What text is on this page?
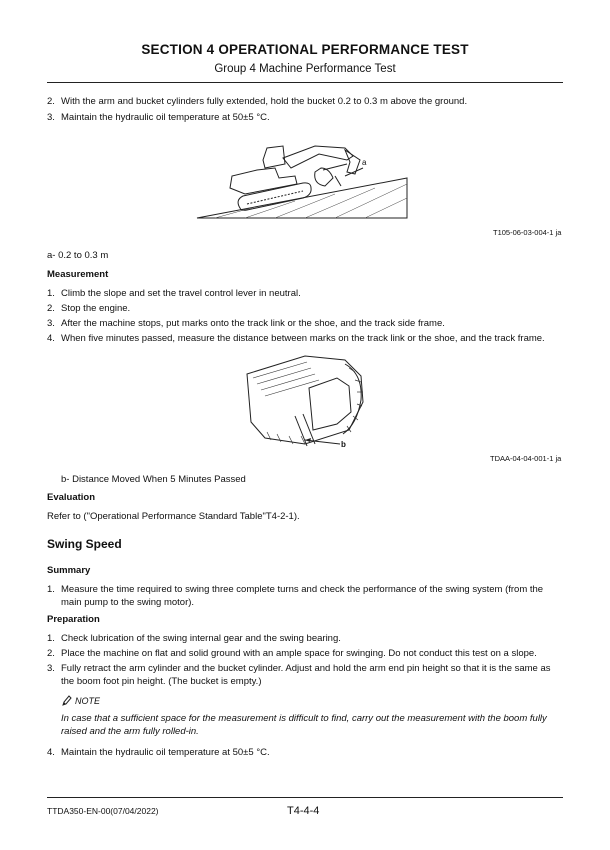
SECTION 4 OPERATIONAL PERFORMANCE TEST
Group 4 Machine Performance Test
2. With the arm and bucket cylinders fully extended, hold the bucket 0.2 to 0.3 m above the ground.
3. Maintain the hydraulic oil temperature at 50±5 °C.
a
T105-06-03-004-1 ja
a- 0.2 to 0.3 m
Measurement
1. Climb the slope and set the travel control lever in neutral.
2. Stop the engine.
3. After the machine stops, put marks onto the track link or the shoe, and the track side frame.
4. When five minutes passed, measure the distance between marks on the track link or the shoe, and the track frame.
b
TDAA-04-04-001-1 ja
b- Distance Moved When 5 Minutes Passed
Evaluation
Refer to ("Operational Performance Standard Table"T4-2-1).
Swing Speed
Summary
1. Measure the time required to swing three complete turns and check the performance of the swing system (from the
main pump to the swing motor).
Preparation
1. Check lubrication of the swing internal gear and the swing bearing.
2. Place the machine on flat and solid ground with an ample space for swinging. Do not conduct this test on a slope.
3. Fully retract the arm cylinder and the bucket cylinder. Adjust and hold the arm end pin height so that it is the same as
the boom foot pin height. (The bucket is empty.)
NOTE
In case that a sufficient space for the measurement is difficult to find, carry out the measurement with the boom fully
raised and the arm fully rolled-in.
4. Maintain the hydraulic oil temperature at 50±5 °C.
TTDA350-EN-00(07/04/2022)	T4-4-4
